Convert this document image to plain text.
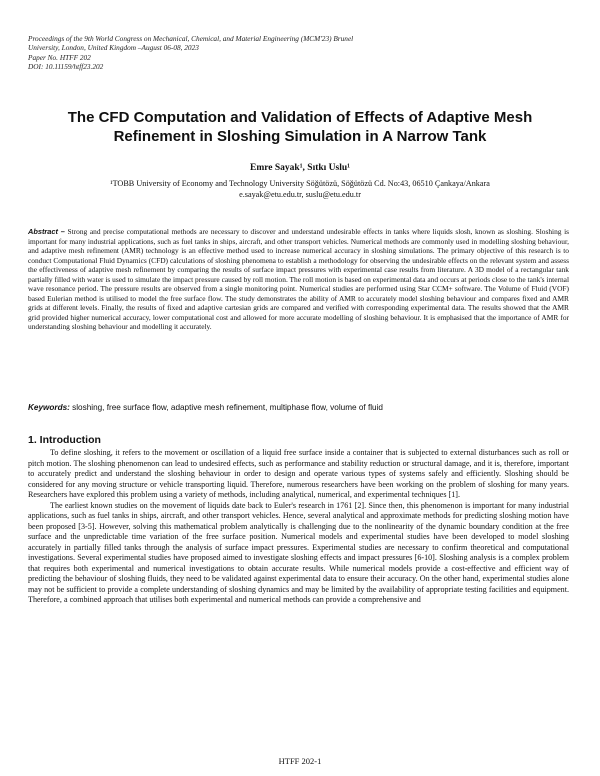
Proceedings of the 9th World Congress on Mechanical, Chemical, and Material Engineering (MCM'23) Brunel
University, London, United Kingdom –August 06-08, 2023
Paper No. HTFF 202
DOI: 10.11159/htff23.202
The CFD Computation and Validation of Effects of Adaptive Mesh
Refinement in Sloshing Simulation in A Narrow Tank
Emre Sayak¹, Sıtkı Uslu¹
¹TOBB University of Economy and Technology University Söğütözü, Söğütözü Cd. No:43, 06510 Çankaya/Ankara
e.sayak@etu.edu.tr, suslu@etu.edu.tr
Abstract – Strong and precise computational methods are necessary to discover and understand undesirable effects in tanks where liquids slosh, known as sloshing. Sloshing is important for many industrial applications, such as fuel tanks in ships, aircraft, and other transport vehicles. Numerical methods are commonly used in modelling sloshing behaviour, and adaptive mesh refinement (AMR) technology is an effective method used to increase numerical accuracy in sloshing simulations. The primary objective of this research is to conduct Computational Fluid Dynamics (CFD) calculations of sloshing phenomena to establish a methodology for observing the undesirable effects on the relevant system and assess the effectiveness of adaptive mesh refinement by comparing the results of surface impact pressures with experimental case results from literature. A 3D model of a rectangular tank partially filled with water is used to simulate the impact pressure caused by roll motion. The roll motion is based on experimental data and occurs at periods close to the tank's internal wave resonance period. The pressure results are observed from a single monitoring point. Numerical studies are performed using Star CCM+ software. The Volume of Fluid (VOF) based Eulerian method is utilised to model the free surface flow. The study demonstrates the ability of AMR to accurately model sloshing behaviour and compares fixed and AMR grids at different levels. Finally, the results of fixed and adaptive cartesian grids are compared and verified with corresponding experimental data. The results showed that the AMR grid provided higher numerical accuracy, lower computational cost and allowed for more accurate modelling of sloshing behaviour. It is emphasised that the importance of AMR for understanding sloshing behaviour and modelling it accurately.
Keywords: sloshing, free surface flow, adaptive mesh refinement, multiphase flow, volume of fluid
1. Introduction

To define sloshing, it refers to the movement or oscillation of a liquid free surface inside a container that is subjected to external disturbances such as roll or pitch motion. The sloshing phenomenon can lead to undesired effects, such as performance and stability reduction or structural damage, and it is, therefore, important to accurately predict and understand the sloshing behaviour in order to design and operate various types of systems safely and efficiently. Sloshing should be considered for any moving structure or vehicle transporting liquid. Therefore, numerous researchers have been working on the problem of sloshing for many years. Researchers have explored this problem using a variety of methods, including analytical, numerical, and experimental techniques [1].

The earliest known studies on the movement of liquids date back to Euler's research in 1761 [2]. Since then, this phenomenon is important for many industrial applications, such as fuel tanks in ships, aircraft, and other transport vehicles. Hence, several analytical and approximate methods for predicting sloshing motion have been proposed [3-5]. However, solving this mathematical problem analytically is challenging due to the nonlinearity of the dynamic boundary condition at the free surface and the unpredictable time variation of the free surface position. Numerical models and experimental studies have been developed to model sloshing accurately in partially filled tanks through the analysis of surface impact pressures. Experimental studies are necessary to confirm theoretical and computational investigations. Several experimental studies have proposed aimed to investigate sloshing effects and impact pressures [6-10]. Sloshing analysis is a complex problem that requires both experimental and numerical investigations to obtain accurate results. While numerical models provide a cost-effective and efficient way of predicting the behaviour of sloshing fluids, they need to be validated against experimental data to ensure their accuracy. On the other hand, experimental studies alone may not be sufficient to provide a complete understanding of sloshing dynamics and may be limited by the availability of appropriate testing facilities and equipment. Therefore, a combined approach that utilises both experimental and numerical methods can provide a comprehensive and

HTFF 202-1
